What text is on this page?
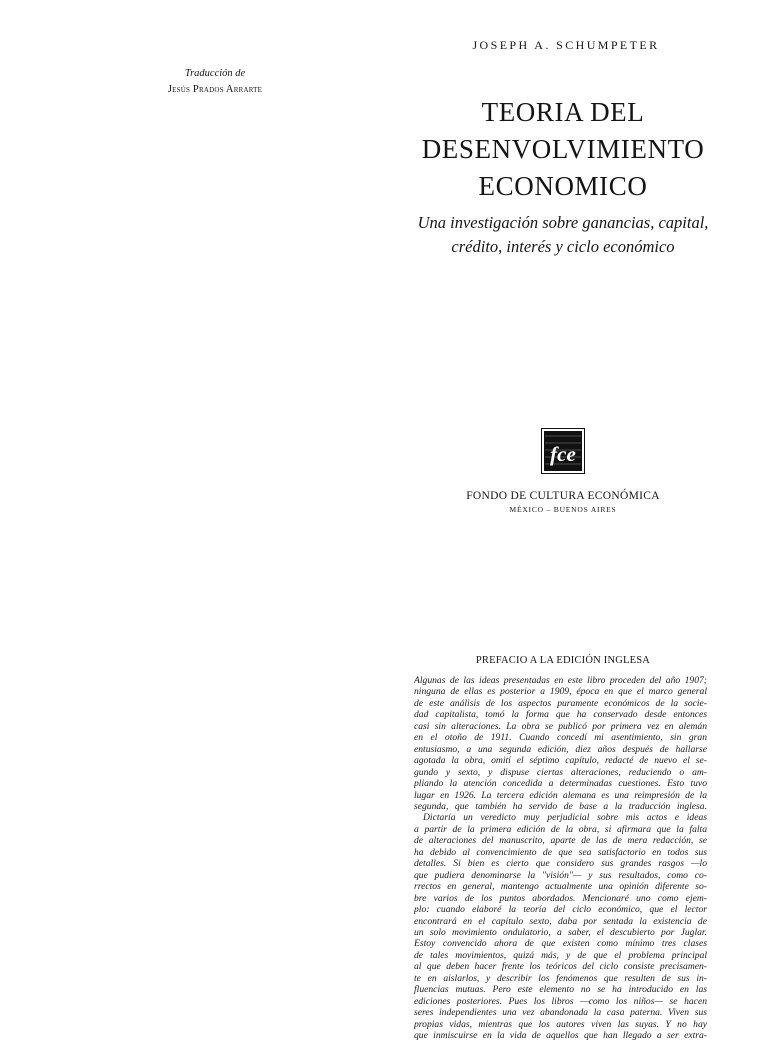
Traducción de
Jesús Prados Arrarte
JOSEPH A. SCHUMPETER
TEORIA DEL
DESENVOLVIMIENTO
ECONOMICO
Una investigación sobre ganancias, capital,
crédito, interés y ciclo económico
fce
FONDO DE CULTURA ECONÓMICA
MÉXICO – BUENOS AIRES
PREFACIO A LA EDICIÓN INGLESA
Algunas de las ideas presentadas en este libro proceden del año 1907;
ninguna de ellas es posterior a 1909, época en que el marco general
de este análisis de los aspectos puramente económicos de la socie-
dad capitalista, tomó la forma que ha conservado desde entonces
casi sin alteraciones. La obra se publicó por primera vez en alemán
en el otoño de 1911. Cuando concedí mi asentimiento, sin gran
entusiasmo, a una segunda edición, diez años después de hallarse
agotada la obra, omití el séptimo capítulo, redacté de nuevo el se-
gundo y sexto, y dispuse ciertas alteraciones, reduciendo o am-
pliando la atención concedida a determinadas cuestiones. Esto tuvo
lugar en 1926. La tercera edición alemana es una reimpresión de la
segunda, que también ha servido de base a la traducción inglesa.
Dictaría un veredicto muy perjudicial sobre mis actos e ideas
a partir de la primera edición de la obra, si afirmara que la falta
de alteraciones del manuscrito, aparte de las de mera redacción, se
ha debido al convencimiento de que sea satisfactorio en todos sus
detalles. Si bien es cierto que considero sus grandes rasgos —lo
que pudiera denominarse la "visión"— y sus resultados, como co-
rrectos en general, mantengo actualmente una opinión diferente so-
bre varios de los puntos abordados. Mencionaré uno como ejem-
plo: cuando elaboré la teoría del ciclo económico, que el lector
encontrará en el capítulo sexto, daba por sentada la existencia de
un solo movimiento ondulatorio, a saber, el descubierto por Juglar.
Estoy convencido ahora de que existen como mínimo tres clases
de tales movimientos, quizá más, y de que el problema principal
al que deben hacer frente los teóricos del ciclo consiste precisamen-
te en aislarlos, y describir los fenómenos que resulten de sus in-
fluencias mutuas. Pero este elemento no se ha introducido en las
ediciones posteriores. Pues los libros —como los niños— se hacen
seres independientes una vez abandonada la casa paterna. Viven sus
propias vidas, mientras que los autores viven las suyas. Y no hay
que inmiscuirse en la vida de aquellos que han llegado a ser extra-
